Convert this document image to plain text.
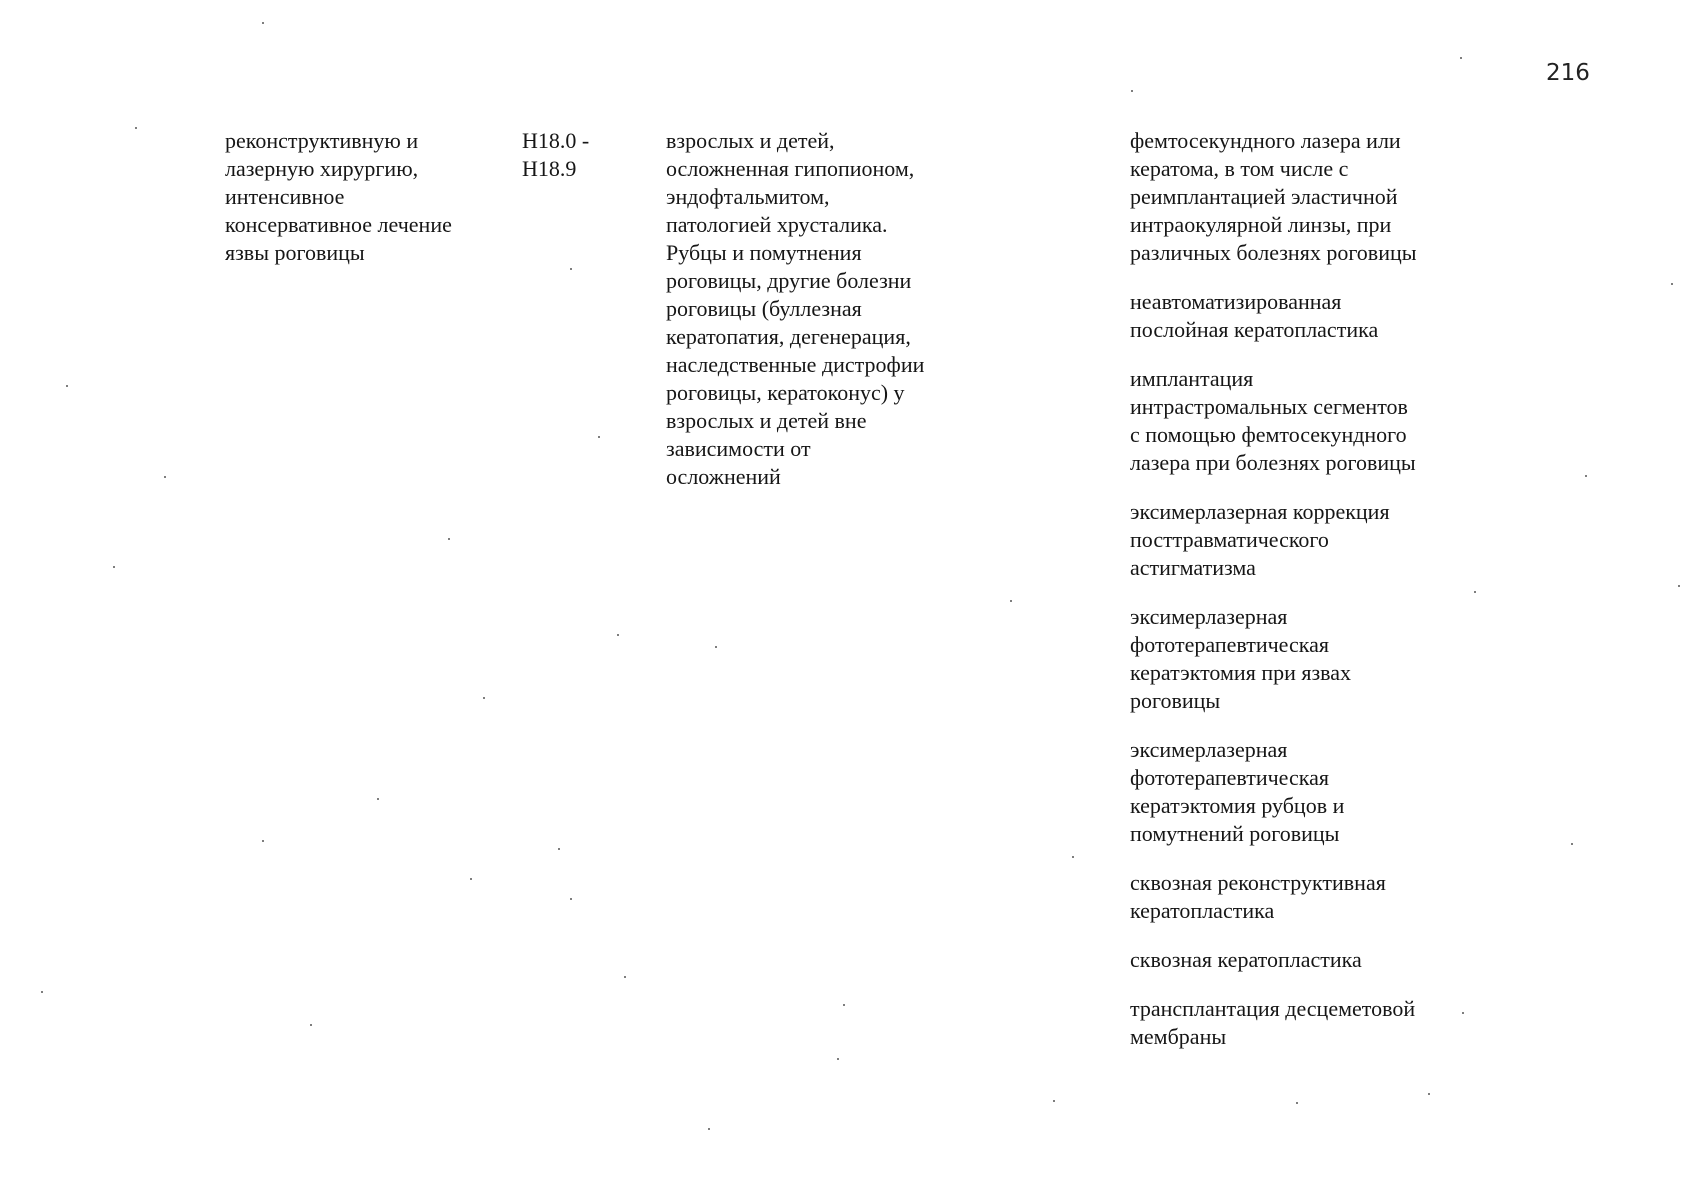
216

реконструктивную и
лазерную хирургию,
интенсивное
консервативное лечение
язвы роговицы

H18.0 -
H18.9

взрослых и детей,
осложненная гипопионом,
эндофтальмитом,
патологией хрусталика.
Рубцы и помутнения
роговицы, другие болезни
роговицы (буллезная
кератопатия, дегенерация,
наследственные дистрофии
роговицы, кератоконус) у
взрослых и детей вне
зависимости от
осложнений

фемтосекундного лазера или
кератома, в том числе с
реимплантацией эластичной
интраокулярной линзы, при
различных болезнях роговицы

неавтоматизированная
послойная кератопластика

имплантация
интрастромальных сегментов
с помощью фемтосекундного
лазера при болезнях роговицы

эксимерлазерная коррекция
посттравматического
астигматизма

эксимерлазерная
фототерапевтическая
кератэктомия при язвах
роговицы

эксимерлазерная
фототерапевтическая
кератэктомия рубцов и
помутнений роговицы

сквозная реконструктивная
кератопластика

сквозная кератопластика

трансплантация десцеметовой
мембраны
